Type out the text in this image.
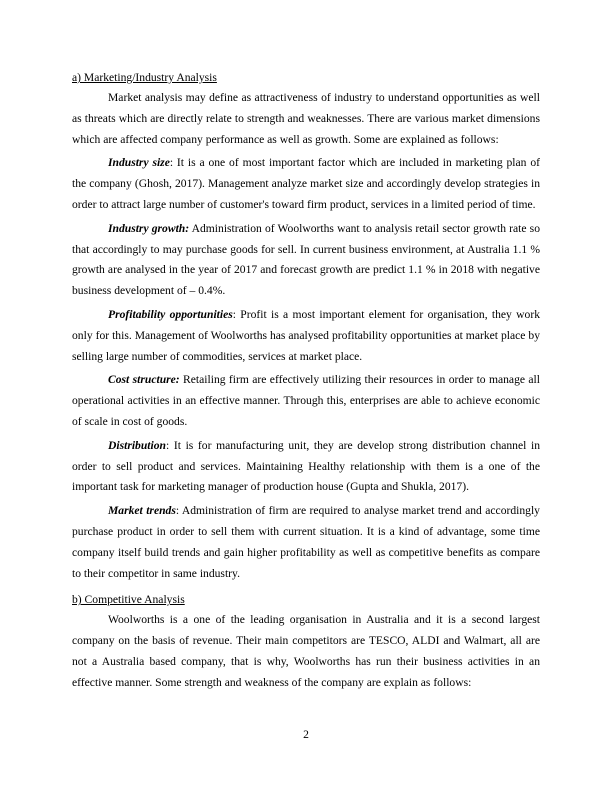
a) Marketing/Industry Analysis

Market analysis may define as attractiveness of industry to understand opportunities as well as threats which are directly relate to strength and weaknesses. There are various market dimensions which are affected company performance as well as growth. Some are explained as follows:

Industry size: It is a one of most important factor which are included in marketing plan of the company (Ghosh, 2017). Management analyze market size and accordingly develop strategies in order to attract large number of customer's toward firm product, services in a limited period of time.

Industry growth: Administration of Woolworths want to analysis retail sector growth rate so that accordingly to may purchase goods for sell. In current business environment, at Australia 1.1 % growth are analysed in the year of 2017 and forecast growth are predict 1.1 % in 2018 with negative business development of – 0.4%.

Profitability opportunities: Profit is a most important element for organisation, they work only for this. Management of Woolworths has analysed profitability opportunities at market place by selling large number of commodities, services at market place.

Cost structure: Retailing firm are effectively utilizing their resources in order to manage all operational activities in an effective manner. Through this, enterprises are able to achieve economic of scale in cost of goods.

Distribution: It is for manufacturing unit, they are develop strong distribution channel in order to sell product and services. Maintaining Healthy relationship with them is a one of the important task for marketing manager of production house (Gupta and Shukla, 2017).

Market trends: Administration of firm are required to analyse market trend and accordingly purchase product in order to sell them with current situation. It is a kind of advantage, some time company itself build trends and gain higher profitability as well as competitive benefits as compare to their competitor in same industry.

b) Competitive Analysis

Woolworths is a one of the leading organisation in Australia and it is a second largest company on the basis of revenue. Their main competitors are TESCO, ALDI and Walmart, all are not a Australia based company, that is why, Woolworths has run their business activities in an effective manner. Some strength and weakness of the company are explain as follows:

2
